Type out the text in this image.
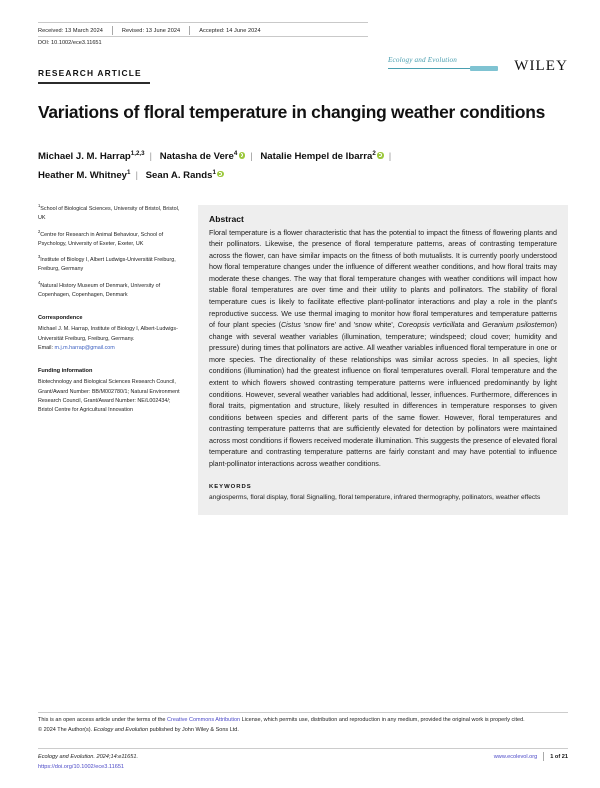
Received: 13 March 2024	Revised: 13 June 2024	Accepted: 14 June 2024
DOI: 10.1002/ece3.11651
RESEARCH ARTICLE
Ecology and Evolution	WILEY
Variations of floral temperature in changing weather conditions
Michael J. M. Harrap$^{1,2,3}$ | Natasha de Vere$^4$ | Natalie Hempel de Ibarra$^2$ |
Heather M. Whitney$^1$ | Sean A. Rands$^1$

$^1$School of Biological Sciences, University of Bristol, Bristol, UK

$^2$Centre for Research in Animal Behaviour, School of Psychology, University of Exeter, Exeter, UK

$^3$Institute of Biology I, Albert Ludwigs-Universität Freiburg, Freiburg, Germany

$^4$Natural History Museum of Denmark, University of Copenhagen, Copenhagen, Denmark

Correspondence

Michael J. M. Harrap, Institute of Biology I, Albert-Ludwigs-Universität Freiburg, Freiburg, Germany.
Email: m.j.m.harrap@gmail.com

Funding information

Biotechnology and Biological Sciences Research Council, Grant/Award Number: BB/M002780/1; Natural Environment Research Council, Grant/Award Number: NE/L002434/; Bristol Centre for Agricultural Innovation

Abstract

Floral temperature is a flower characteristic that has the potential to impact the fitness of flowering plants and their pollinators. Likewise, the presence of floral temperature patterns, areas of contrasting temperature across the flower, can have similar impacts on the fitness of both mutualists. It is currently poorly understood how floral temperature changes under the influence of different weather conditions, and how floral traits may moderate these changes. The way that floral temperature changes with weather conditions will impact how stable floral temperatures are over time and their utility to plants and pollinators. The stability of floral temperature cues is likely to facilitate effective plant-pollinator interactions and play a role in the plant's reproductive success. We use thermal imaging to monitor how floral temperatures and temperature patterns of four plant species (Cistus 'snow fire' and 'snow white', Coreopsis verticillata and Geranium psilostemon) change with several weather variables (illumination, temperature; windspeed; cloud cover; humidity and pressure) during times that pollinators are active. All weather variables influenced floral temperature in one or more species. The directionality of these relationships was similar across species. In all species, light conditions (illumination) had the greatest influence on floral temperatures overall. Floral temperature and the extent to which flowers showed contrasting temperature patterns were influenced predominantly by light conditions. However, several weather variables had additional, lesser, influences. Furthermore, differences in floral traits, pigmentation and structure, likely resulted in differences in temperature responses to given conditions between species and different parts of the same flower. However, floral temperatures and contrasting temperature patterns that are sufficiently elevated for detection by pollinators were maintained across most conditions if flowers received moderate illumination. This suggests the presence of elevated floral temperature and contrasting temperature patterns are fairly constant and may have potential to influence plant-pollinator interactions across weather conditions.

KEYWORDS
angiosperms, floral display, floral Signalling, floral temperature, infrared thermography, pollinators, weather effects
This is an open access article under the terms of the Creative Commons Attribution License, which permits use, distribution and reproduction in any medium, provided the original work is properly cited.
© 2024 The Author(s). Ecology and Evolution published by John Wiley & Sons Ltd.
Ecology and Evolution. 2024;14:e11651.
https://doi.org/10.1002/ece3.11651
www.ecolevol.org 1 of 21
